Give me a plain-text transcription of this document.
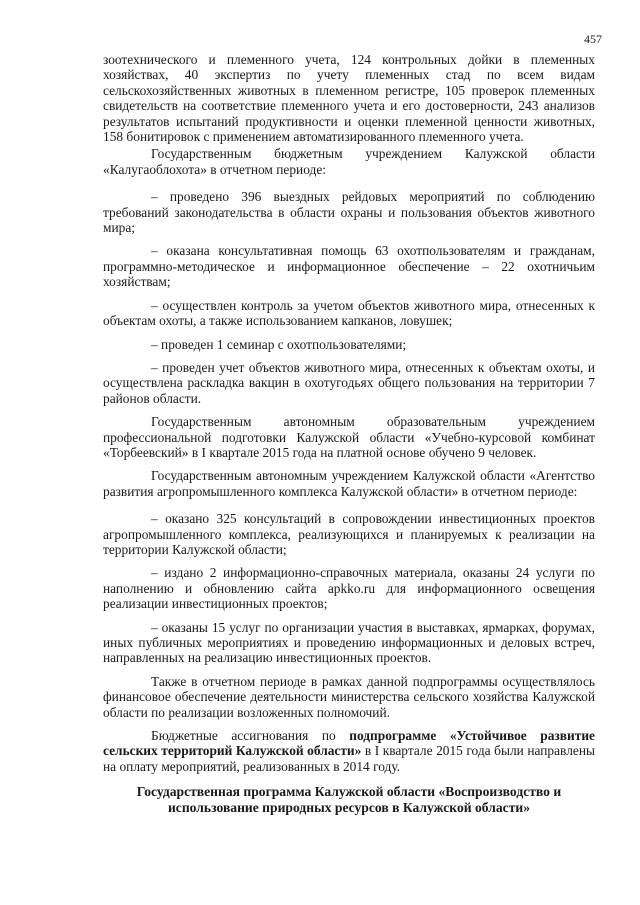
457

зоотехнического и племенного учета, 124 контрольных дойки в племенных хозяйствах, 40 экспертиз по учету племенных стад по всем видам сельскохозяйственных животных в племенном регистре, 105 проверок племенных свидетельств на соответствие племенного учета и его достоверности, 243 анализов результатов испытаний продуктивности и оценки племенной ценности животных, 158 бонитировок с применением автоматизированного племенного учета.

Государственным бюджетным учреждением Калужской области «Калугаоблохота» в отчетном периоде:

– проведено 396 выездных рейдовых мероприятий по соблюдению требований законодательства в области охраны и пользования объектов животного мира;

– оказана консультативная помощь 63 охотпользователям и гражданам, программно-методическое и информационное обеспечение – 22 охотничьим хозяйствам;

– осуществлен контроль за учетом объектов животного мира, отнесенных к объектам охоты, а также использованием капканов, ловушек;

– проведен 1 семинар с охотпользователями;

– проведен учет объектов животного мира, отнесенных к объектам охоты, и осуществлена раскладка вакцин в охотугодьях общего пользования на территории 7 районов области.

Государственным автономным образовательным учреждением профессиональной подготовки Калужской области «Учебно-курсовой комбинат «Торбеевский» в I квартале 2015 года на платной основе обучено 9 человек.

Государственным автономным учреждением Калужской области «Агентство развития агропромышленного комплекса Калужской области» в отчетном периоде:

– оказано 325 консультаций в сопровождении инвестиционных проектов агропромышленного комплекса, реализующихся и планируемых к реализации на территории Калужской области;

– издано 2 информационно-справочных материала, оказаны 24 услуги по наполнению и обновлению сайта apkko.ru для информационного освещения реализации инвестиционных проектов;

– оказаны 15 услуг по организации участия в выставках, ярмарках, форумах, иных публичных мероприятиях и проведению информационных и деловых встреч, направленных на реализацию инвестиционных проектов.

Также в отчетном периоде в рамках данной подпрограммы осуществлялось финансовое обеспечение деятельности министерства сельского хозяйства Калужской области по реализации возложенных полномочий.

Бюджетные ассигнования по подпрограмме «Устойчивое развитие сельских территорий Калужской области» в I квартале 2015 года были направлены на оплату мероприятий, реализованных в 2014 году.

Государственная программа Калужской области «Воспроизводство и использование природных ресурсов в Калужской области»
